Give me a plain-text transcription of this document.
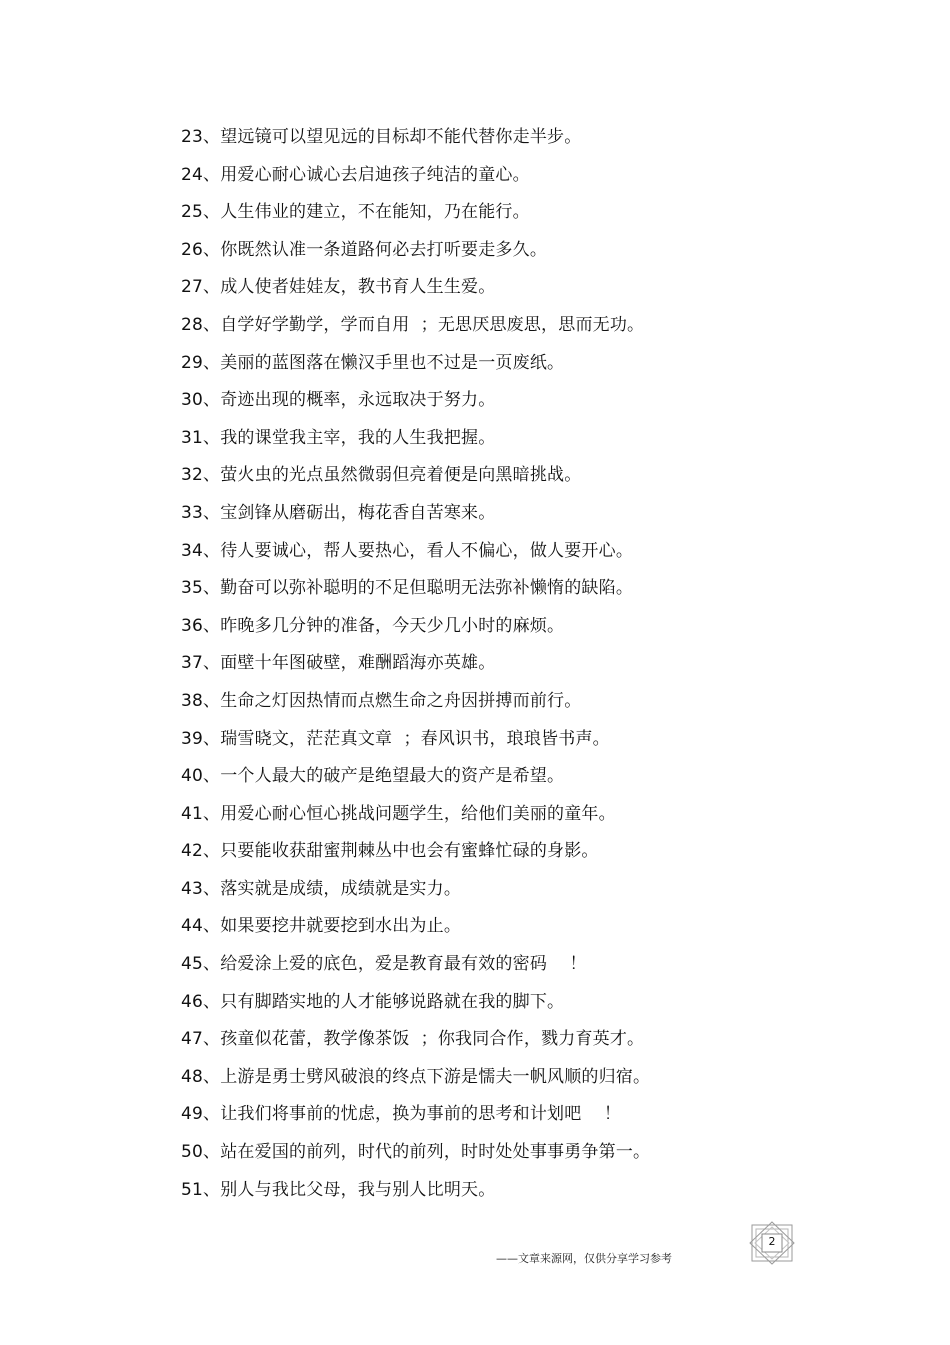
23、望远镜可以望见远的目标却不能代替你走半步。
24、用爱心耐心诚心去启迪孩子纯洁的童心。
25、人生伟业的建立，不在能知，乃在能行。
26、你既然认准一条道路何必去打听要走多久。
27、成人使者娃娃友，教书育人生生爱。
28、自学好学勤学，学而自用  ；无思厌思废思，思而无功。
29、美丽的蓝图落在懒汉手里也不过是一页废纸。
30、奇迹出现的概率，永远取决于努力。
31、我的课堂我主宰，我的人生我把握。
32、萤火虫的光点虽然微弱但亮着便是向黑暗挑战。
33、宝剑锋从磨砺出，梅花香自苦寒来。
34、待人要诚心，帮人要热心，看人不偏心，做人要开心。
35、勤奋可以弥补聪明的不足但聪明无法弥补懒惰的缺陷。
36、昨晚多几分钟的准备，今天少几小时的麻烦。
37、面壁十年图破壁，难酬蹈海亦英雄。
38、生命之灯因热情而点燃生命之舟因拼搏而前行。
39、瑞雪晓文，茫茫真文章  ；春风识书，琅琅皆书声。
40、一个人最大的破产是绝望最大的资产是希望。
41、用爱心耐心恒心挑战问题学生，给他们美丽的童年。
42、只要能收获甜蜜荆棘丛中也会有蜜蜂忙碌的身影。
43、落实就是成绩，成绩就是实力。
44、如果要挖井就要挖到水出为止。
45、给爱涂上爱的底色，爱是教育最有效的密码    ！
46、只有脚踏实地的人才能够说路就在我的脚下。
47、孩童似花蕾，教学像茶饭  ；你我同合作，戮力育英才。
48、上游是勇士劈风破浪的终点下游是懦夫一帆风顺的归宿。
49、让我们将事前的忧虑，换为事前的思考和计划吧    ！
50、站在爱国的前列，时代的前列，时时处处事事勇争第一。
51、别人与我比父母，我与别人比明天。
——文章来源网，仅供分享学习参考
2
